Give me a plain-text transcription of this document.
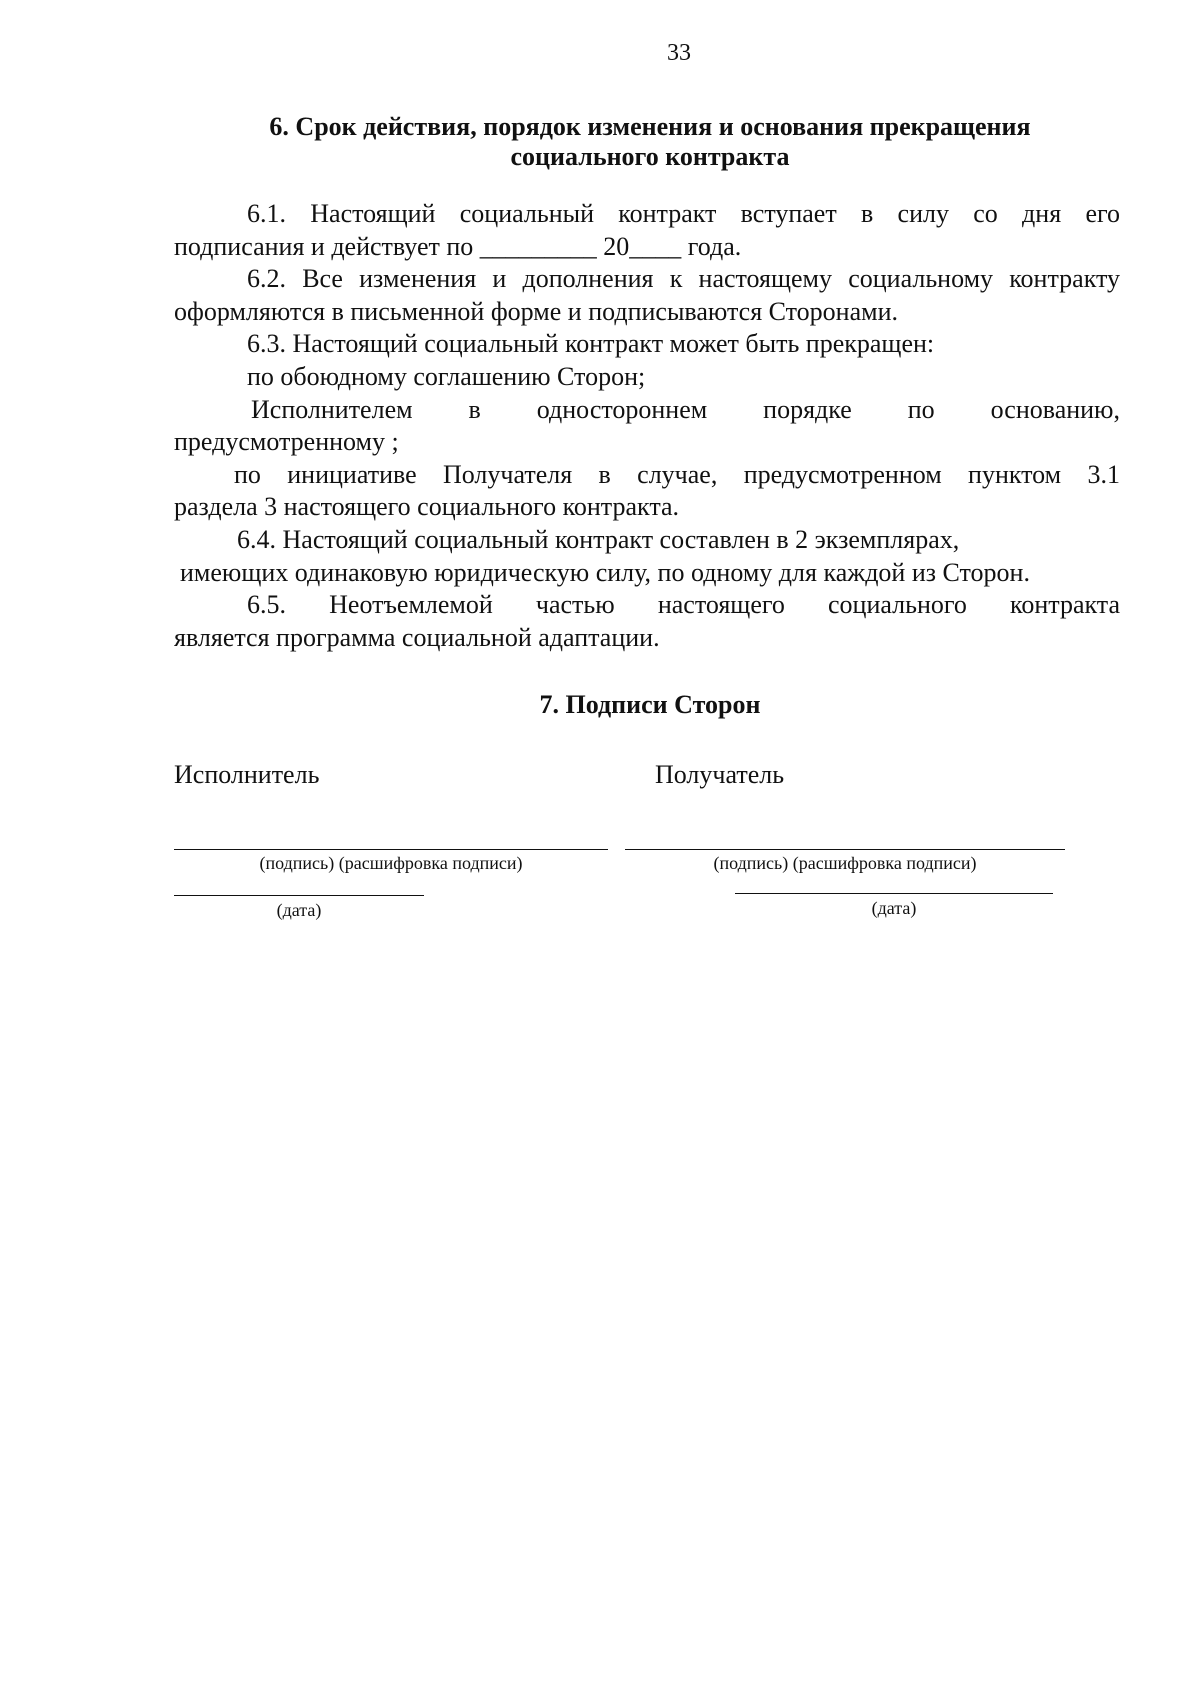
33
6. Срок действия, порядок изменения и основания прекращения
социального контракта
6.1. Настоящий социальный контракт вступает в силу со дня его
подписания и действует по _________ 20____ года.
6.2. Все изменения и дополнения к настоящему социальному контракту
оформляются в письменной форме и подписываются Сторонами.
6.3. Настоящий социальный контракт может быть прекращен:
по обоюдному соглашению Сторон;
Исполнителем в одностороннем порядке по основанию,
предусмотренному ;
по инициативе Получателя в случае, предусмотренном пунктом 3.1
раздела 3 настоящего социального контракта.
6.4. Настоящий социальный контракт составлен в 2 экземплярах,
имеющих одинаковую юридическую силу, по одному для каждой из Сторон.
6.5. Неотъемлемой частью настоящего социального контракта
является программа социальной адаптации.
7. Подписи Сторон
Исполнитель	Получатель
(подпись) (расшифровка подписи)	(подпись) (расшифровка подписи)
(дата)	(дата)
